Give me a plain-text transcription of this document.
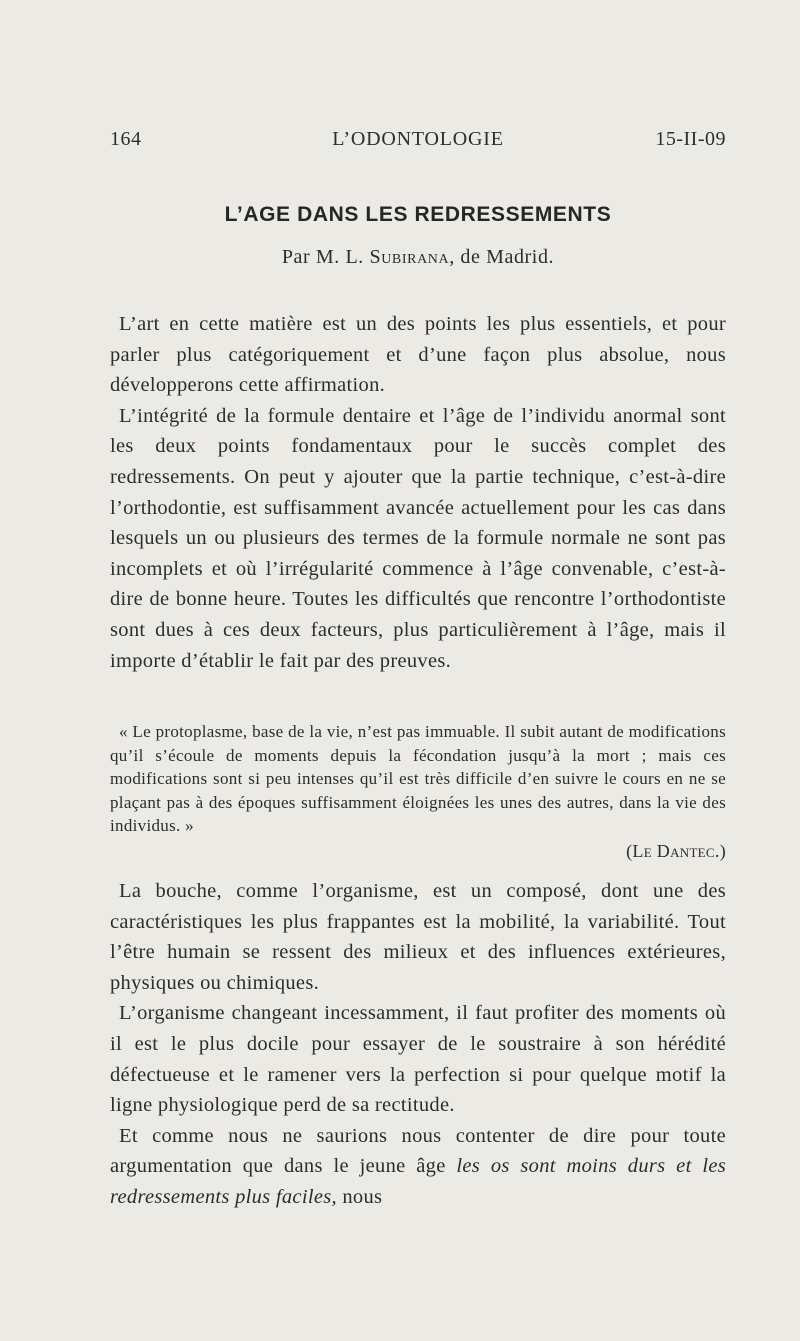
164	L’ODONTOLOGIE	15-II-09
L’AGE DANS LES REDRESSEMENTS
Par M. L. Subirana, de Madrid.

L’art en cette matière est un des points les plus essentiels, et pour parler plus catégoriquement et d’une façon plus absolue, nous développerons cette affirmation.

L’intégrité de la formule dentaire et l’âge de l’individu anormal sont les deux points fondamentaux pour le succès complet des redressements. On peut y ajouter que la partie technique, c’est-à-dire l’orthodontie, est suffisamment avancée actuellement pour les cas dans lesquels un ou plusieurs des termes de la formule normale ne sont pas incomplets et où l’irrégularité commence à l’âge convenable, c’est-à-dire de bonne heure. Toutes les difficultés que rencontre l’orthodontiste sont dues à ces deux facteurs, plus particulièrement à l’âge, mais il importe d’établir le fait par des preuves.

« Le protoplasme, base de la vie, n’est pas immuable. Il subit autant de modifications qu’il s’écoule de moments depuis la fécondation jusqu’à la mort ; mais ces modifications sont si peu intenses qu’il est très difficile d’en suivre le cours en ne se plaçant pas à des époques suffisamment éloignées les unes des autres, dans la vie des individus. »

(Le Dantec.)

La bouche, comme l’organisme, est un composé, dont une des caractéristiques les plus frappantes est la mobilité, la variabilité. Tout l’être humain se ressent des milieux et des influences extérieures, physiques ou chimiques.

L’organisme changeant incessamment, il faut profiter des moments où il est le plus docile pour essayer de le soustraire à son hérédité défectueuse et le ramener vers la perfection si pour quelque motif la ligne physiologique perd de sa rectitude.

Et comme nous ne saurions nous contenter de dire pour toute argumentation que dans le jeune âge les os sont moins durs et les redressements plus faciles, nous
